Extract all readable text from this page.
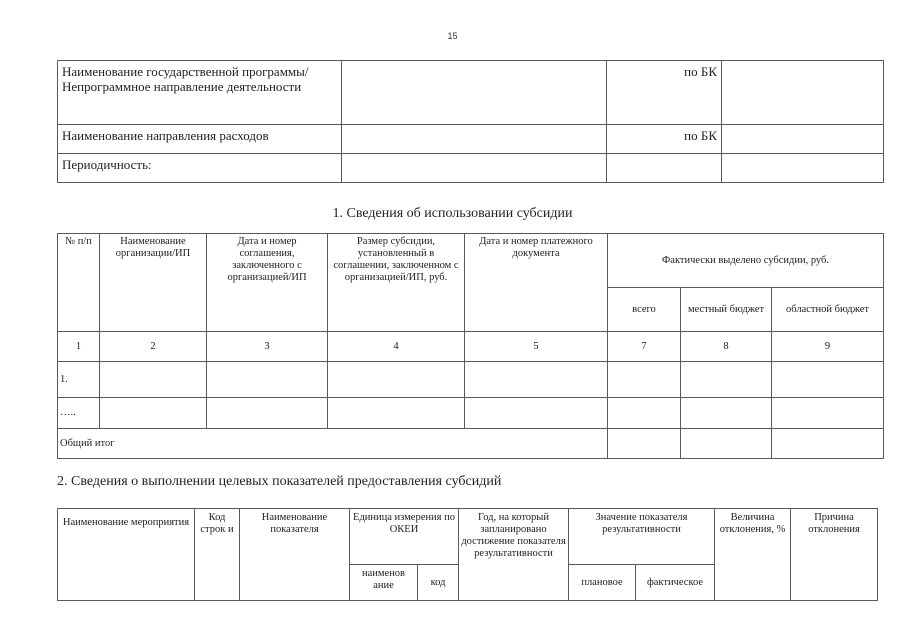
15
Наименование государственной программы/Непрограммное направление деятельности		по БК	
Наименование направления расходов		по БК	
Периодичность:			
1. Сведения об использовании субсидии
№ п/п	Наименование организации/ИП	Дата и номер соглашения, заключенного с организацией/ИП	Размер субсидии, установленный в соглашении, заключенном с организацией/ИП, руб.	Дата и номер платежного документа	Фактически выделено субсидии, руб.		
					всего	местный бюджет	областной бюджет
1	2	3	4	5	7	8	9
1.							
…..							
Общий итог							
2. Сведения о выполнении целевых показателей предоставления субсидий
Наименование мероприятия	Код строк и	Наименование показателя	Единица измерения по ОКЕИ		Год, на который запланировано достижение показателя результативности	Значение показателя результативности		Величина отклонения, %	Причина отклонения
			наименов ание	код		плановое	фактическое		
